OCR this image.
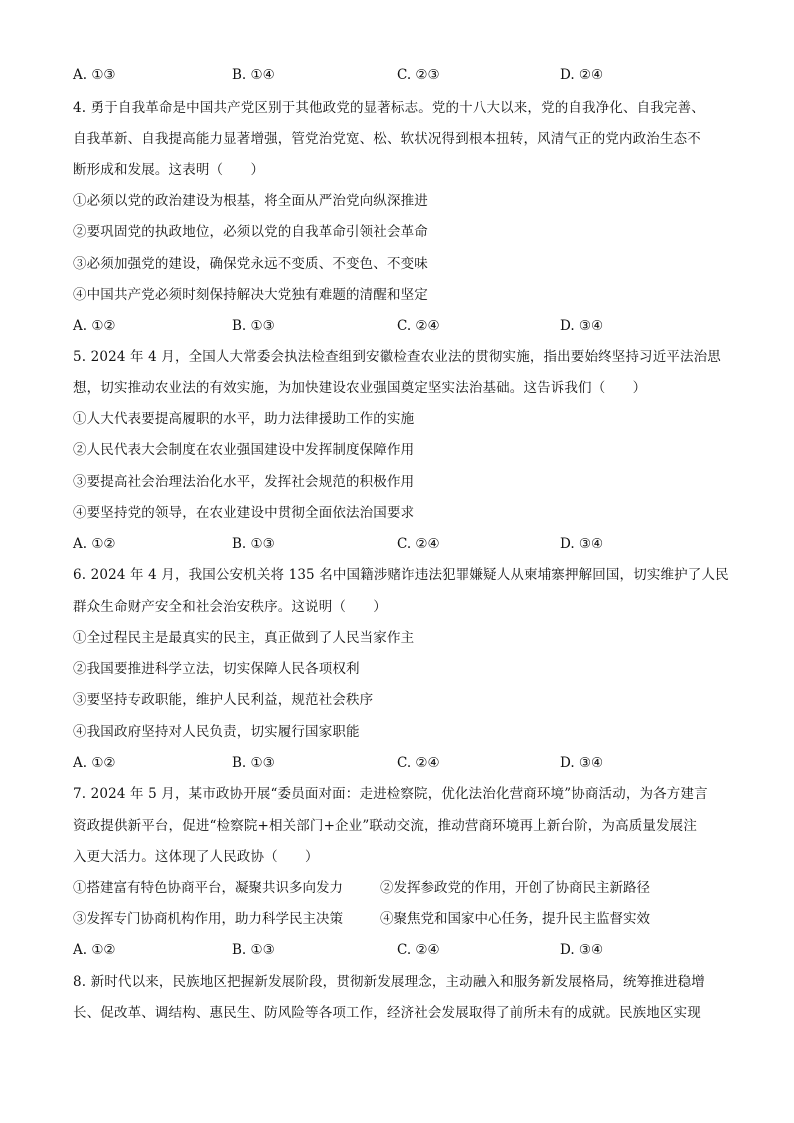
A. ①③	B. ①④	C. ②③	D. ②④
4. 勇于自我革命是中国共产党区别于其他政党的显著标志。党的十八大以来，党的自我净化、自我完善、
自我革新、自我提高能力显著增强，管党治党宽、松、软状况得到根本扭转，风清气正的党内政治生态不
断形成和发展。这表明（　　）
①必须以党的政治建设为根基，将全面从严治党向纵深推进
②要巩固党的执政地位，必须以党的自我革命引领社会革命
③必须加强党的建设，确保党永远不变质、不变色、不变味
④中国共产党必须时刻保持解决大党独有难题的清醒和坚定
A. ①②	B. ①③	C. ②④	D. ③④
5. 2024 年 4 月，全国人大常委会执法检查组到安徽检查农业法的贯彻实施，指出要始终坚持习近平法治思
想，切实推动农业法的有效实施，为加快建设农业强国奠定坚实法治基础。这告诉我们（　　）
①人大代表要提高履职的水平，助力法律援助工作的实施
②人民代表大会制度在农业强国建设中发挥制度保障作用
③要提高社会治理法治化水平，发挥社会规范的积极作用
④要坚持党的领导，在农业建设中贯彻全面依法治国要求
A. ①②	B. ①③	C. ②④	D. ③④
6. 2024 年 4 月，我国公安机关将 135 名中国籍涉赌诈违法犯罪嫌疑人从柬埔寨押解回国，切实维护了人民
群众生命财产安全和社会治安秩序。这说明（　　）
①全过程民主是最真实的民主，真正做到了人民当家作主
②我国要推进科学立法，切实保障人民各项权利
③要坚持专政职能，维护人民利益，规范社会秩序
④我国政府坚持对人民负责，切实履行国家职能
A. ①②	B. ①③	C. ②④	D. ③④
7. 2024 年 5 月，某市政协开展“委员面对面：走进检察院，优化法治化营商环境”协商活动，为各方建言
资政提供新平台，促进“检察院+相关部门+企业”联动交流，推动营商环境再上新台阶，为高质量发展注
入更大活力。这体现了人民政协（　　）
①搭建富有特色协商平台，凝聚共识多向发力	②发挥参政党的作用，开创了协商民主新路径
③发挥专门协商机构作用，助力科学民主决策	④聚焦党和国家中心任务，提升民主监督实效
A. ①②	B. ①③	C. ②④	D. ③④
8. 新时代以来，民族地区把握新发展阶段，贯彻新发展理念，主动融入和服务新发展格局，统筹推进稳增
长、促改革、调结构、惠民生、防风险等各项工作，经济社会发展取得了前所未有的成就。民族地区实现
